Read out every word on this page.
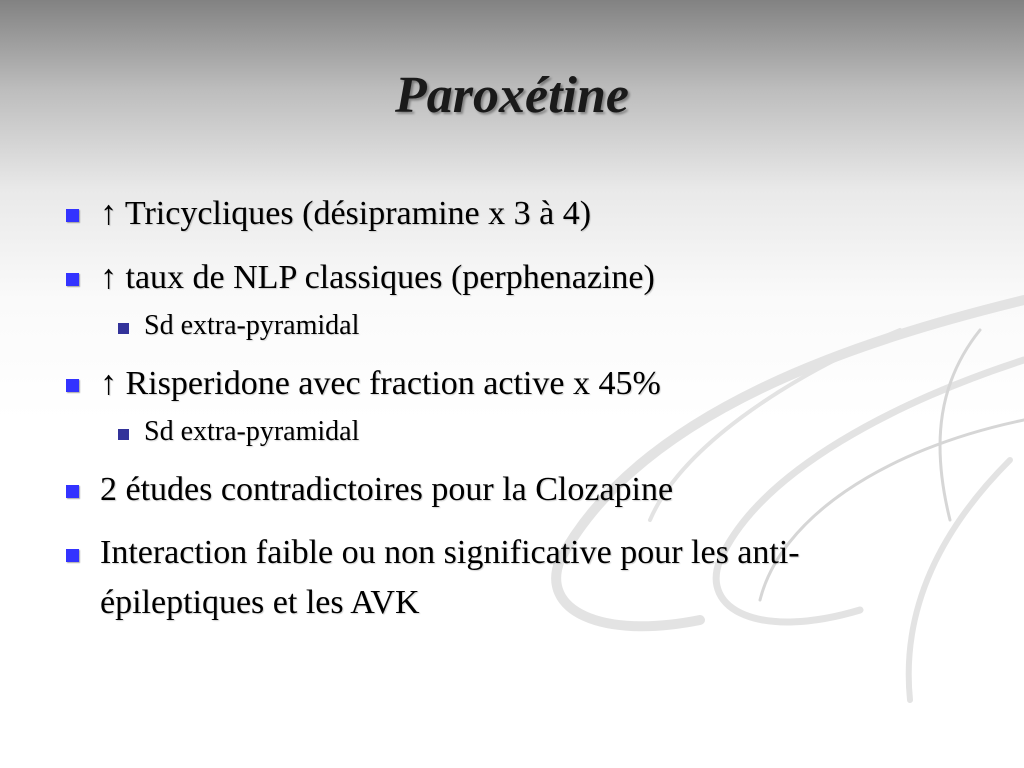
Paroxétine
↑ Tricycliques (désipramine x 3 à 4)
↑ taux de NLP classiques (perphenazine)
Sd extra-pyramidal
↑ Risperidone avec fraction active x 45%
Sd extra-pyramidal
2 études contradictoires pour la Clozapine
Interaction faible ou non significative pour les anti-épileptiques et les AVK
